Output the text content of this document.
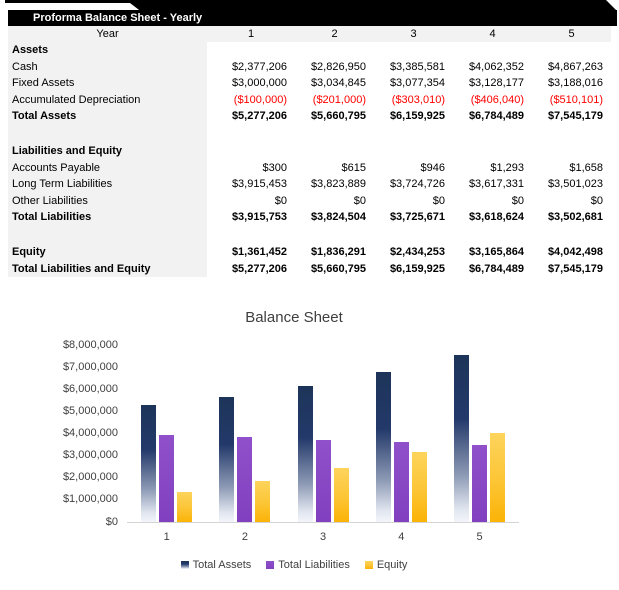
Proforma Balance Sheet - Yearly
Year	1	2	3	4	5
Assets
Cash	$2,377,206	$2,826,950	$3,385,581	$4,062,352	$4,867,263
Fixed Assets	$3,000,000	$3,034,845	$3,077,354	$3,128,177	$3,188,016
Accumulated Depreciation	($100,000)	($201,000)	($303,010)	($406,040)	($510,101)
Total Assets	$5,277,206	$5,660,795	$6,159,925	$6,784,489	$7,545,179
Liabilities and Equity
Accounts Payable	$300	$615	$946	$1,293	$1,658
Long Term Liabilities	$3,915,453	$3,823,889	$3,724,726	$3,617,331	$3,501,023
Other Liabilities	$0	$0	$0	$0	$0
Total Liabilities	$3,915,753	$3,824,504	$3,725,671	$3,618,624	$3,502,681
Equity	$1,361,452	$1,836,291	$2,434,253	$3,165,864	$4,042,498
Total Liabilities and Equity	$5,277,206	$5,660,795	$6,159,925	$6,784,489	$7,545,179
Balance Sheet
Total Assets Total Liabilities Equity
$0
$1,000,000
$2,000,000
$3,000,000
$4,000,000
$5,000,000
$6,000,000
$7,000,000
$8,000,000
1	2	3	4	5
